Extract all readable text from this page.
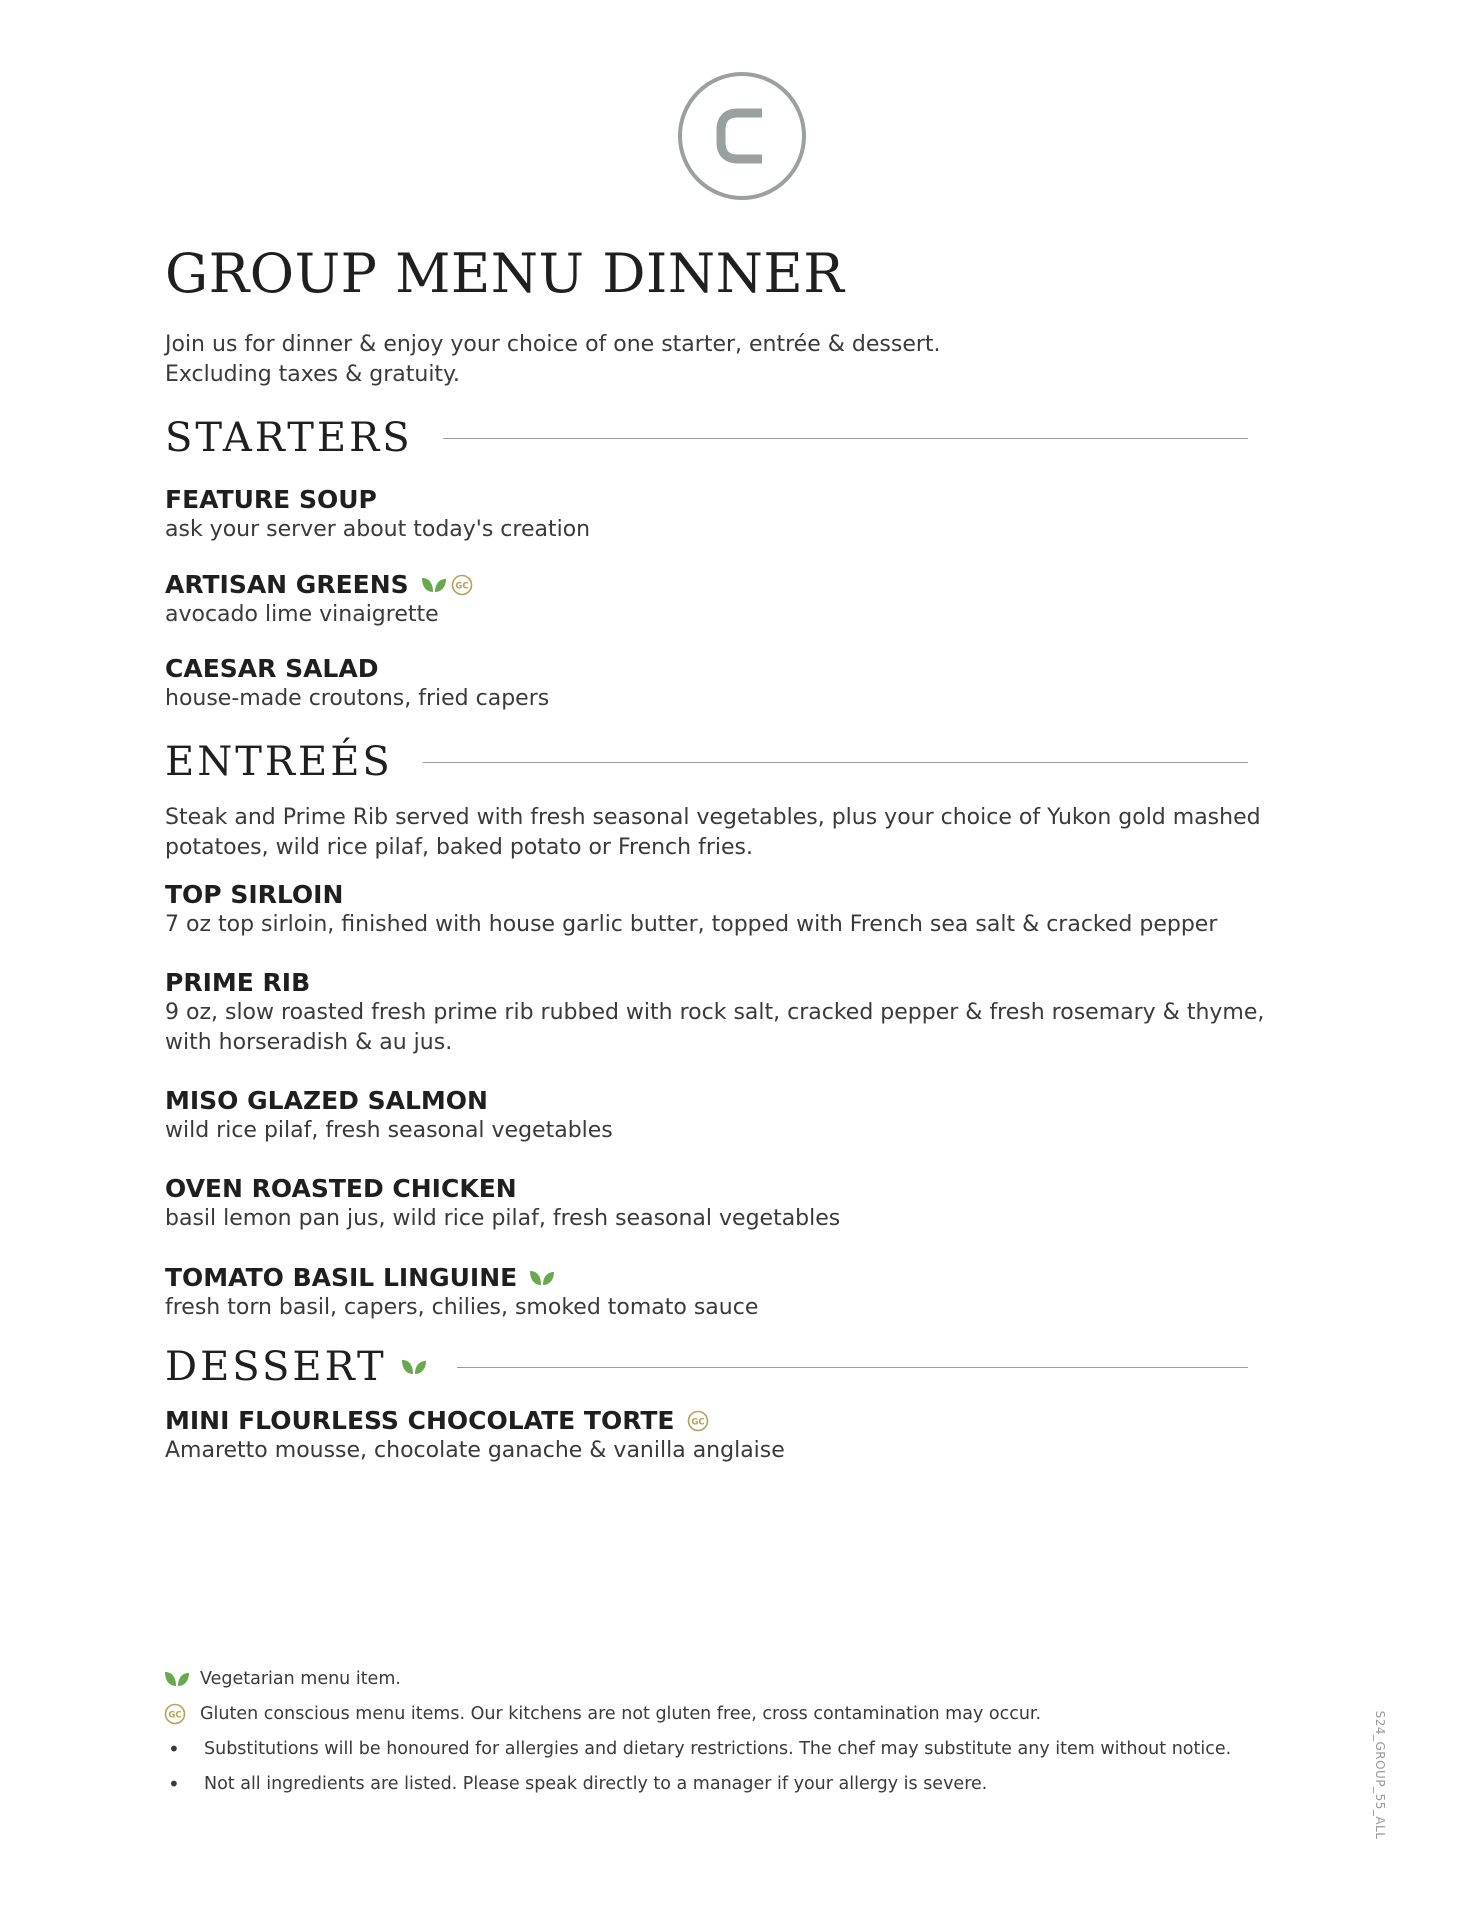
GROUP MENU DINNER
Join us for dinner & enjoy your choice of one starter, entrée & dessert.
Excluding taxes & gratuity.
STARTERS
FEATURE SOUP
ask your server about today's creation
ARTISAN GREENS	GC
avocado lime vinaigrette
CAESAR SALAD
house-made croutons, fried capers
ENTREÉS
Steak and Prime Rib served with fresh seasonal vegetables, plus your choice of Yukon gold mashed
potatoes, wild rice pilaf, baked potato or French fries.
TOP SIRLOIN
7 oz top sirloin, finished with house garlic butter, topped with French sea salt & cracked pepper
PRIME RIB
9 oz, slow roasted fresh prime rib rubbed with rock salt, cracked pepper & fresh rosemary & thyme,
with horseradish & au jus.
MISO GLAZED SALMON
wild rice pilaf, fresh seasonal vegetables
OVEN ROASTED CHICKEN
basil lemon pan jus, wild rice pilaf, fresh seasonal vegetables
TOMATO BASIL LINGUINE
fresh torn basil, capers, chilies, smoked tomato sauce
DESSERT
MINI FLOURLESS CHOCOLATE TORTE GC
Amaretto mousse, chocolate ganache & vanilla anglaise
Vegetarian menu item.
GC Gluten conscious menu items. Our kitchens are not gluten free, cross contamination may occur.
•	Substitutions will be honoured for allergies and dietary restrictions. The chef may substitute any item without notice.
•	Not all ingredients are listed. Please speak directly to a manager if your allergy is severe.	S24_GROUP_55_ALL
